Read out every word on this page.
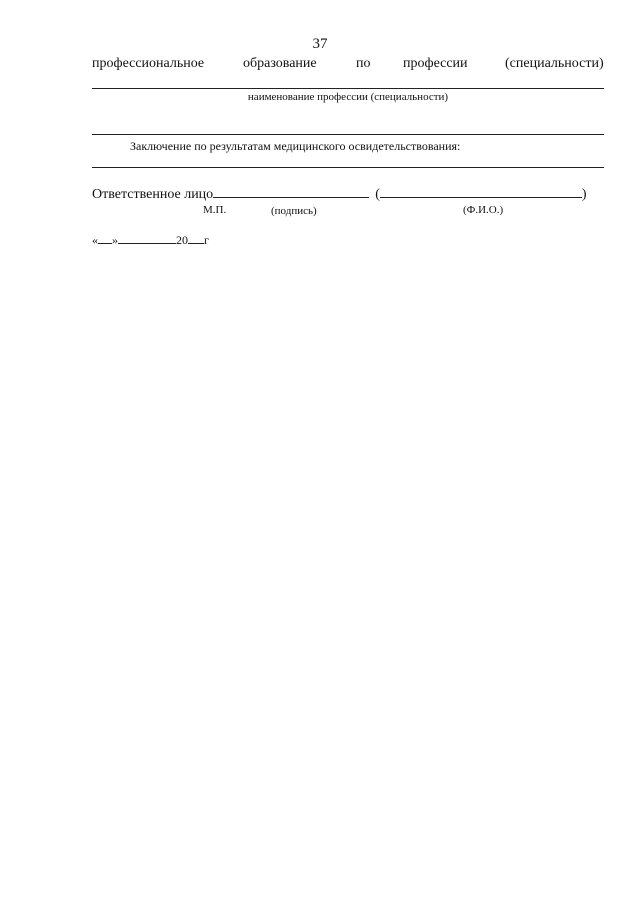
37
профессиональное	образование	по профессии	(специальности)
наименование профессии (специальности)
Заключение по результатам медицинского освидетельствования:
Ответственное лицо	(	)
М.П.	(подпись)	(Ф.И.О.)
« »	20 г
